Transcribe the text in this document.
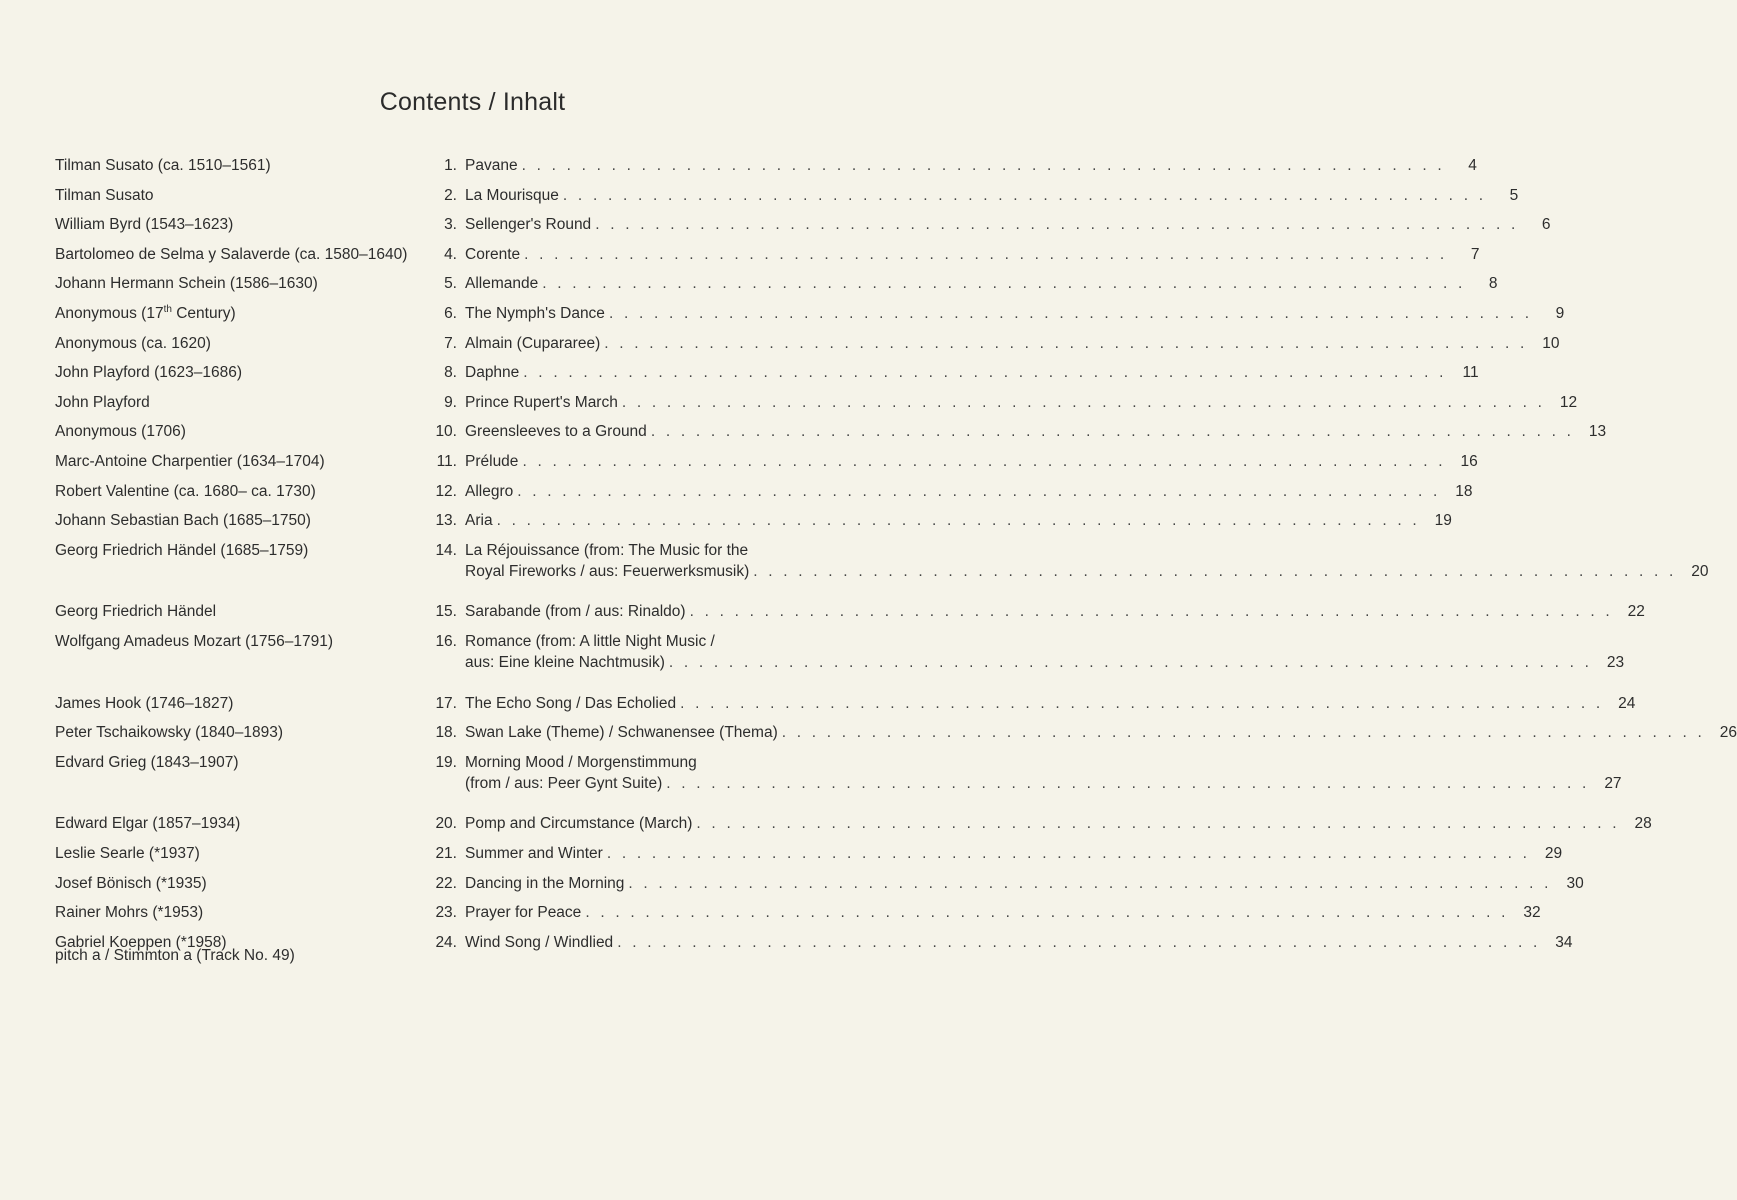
Contents / Inhalt
Tilman Susato (ca. 1510–1561)	1. Pavane . . . . . . . . . . . . . . . . . . . . . . . . . . . . . . . . . . . . . . . . . . . . . . . . . . . . . . . . . . . . . .	4
Tilman Susato	2. La Mourisque . . . . . . . . . . . . . . . . . . . . . . . . . . . . . . . . . . . . . . . . . . . . . . . . . . . . . . . . . . . . . .	5
William Byrd (1543–1623)	3. Sellenger's Round . . . . . . . . . . . . . . . . . . . . . . . . . . . . . . . . . . . . . . . . . . . . . . . . . . . . . . . . . . . . . .	6
Bartolomeo de Selma y Salaverde (ca. 1580–1640)	4. Corente . . . . . . . . . . . . . . . . . . . . . . . . . . . . . . . . . . . . . . . . . . . . . . . . . . . . . . . . . . . . . .	7
Johann Hermann Schein (1586–1630)	5. Allemande . . . . . . . . . . . . . . . . . . . . . . . . . . . . . . . . . . . . . . . . . . . . . . . . . . . . . . . . . . . . . .	8
Anonymous (17th Century)	6. The Nymph's Dance . . . . . . . . . . . . . . . . . . . . . . . . . . . . . . . . . . . . . . . . . . . . . . . . . . . . . . . . . . . . . .	9
Anonymous (ca. 1620)	7. Almain (Cupararee) . . . . . . . . . . . . . . . . . . . . . . . . . . . . . . . . . . . . . . . . . . . . . . . . . . . . . . . . . . . . . . 10
John Playford (1623–1686)	8. Daphne . . . . . . . . . . . . . . . . . . . . . . . . . . . . . . . . . . . . . . . . . . . . . . . . . . . . . . . . . . . . . .	11
John Playford	9. Prince Rupert's March . . . . . . . . . . . . . . . . . . . . . . . . . . . . . . . . . . . . . . . . . . . . . . . . . . . . . . . . . . . . . . 12
Anonymous (1706)	10. Greensleeves to a Ground . . . . . . . . . . . . . . . . . . . . . . . . . . . . . . . . . . . . . . . . . . . . . . . . . . . . . . . . . . . . . . 13
Marc-Antoine Charpentier (1634–1704)	11. Prélude . . . . . . . . . . . . . . . . . . . . . . . . . . . . . . . . . . . . . . . . . . . . . . . . . . . . . . . . . . . . . . 16
Robert Valentine (ca. 1680– ca. 1730)	12. Allegro . . . . . . . . . . . . . . . . . . . . . . . . . . . . . . . . . . . . . . . . . . . . . . . . . . . . . . . . . . . . . . 18
Johann Sebastian Bach (1685–1750)	13. Aria . . . . . . . . . . . . . . . . . . . . . . . . . . . . . . . . . . . . . . . . . . . . . . . . . . . . . . . . . . . . . . 19
Georg Friedrich Händel (1685–1759)	14. La Réjouissance (from: The Music for the
Royal Fireworks / aus: Feuerwerksmusik) . . . . . . . . . . . . . . . . . . . . . . . . . . . . . . . . . . . . . . . . . . . . . . . . . . . . . . . . . . . . . . 20
Georg Friedrich Händel	15. Sarabande (from / aus: Rinaldo) . . . . . . . . . . . . . . . . . . . . . . . . . . . . . . . . . . . . . . . . . . . . . . . . . . . . . . . . . . . . . . 22
Wolfgang Amadeus Mozart (1756–1791)	16. Romance (from: A little Night Music /
aus: Eine kleine Nachtmusik) . . . . . . . . . . . . . . . . . . . . . . . . . . . . . . . . . . . . . . . . . . . . . . . . . . . . . . . . . . . . . . 23
James Hook (1746–1827)	17. The Echo Song / Das Echolied . . . . . . . . . . . . . . . . . . . . . . . . . . . . . . . . . . . . . . . . . . . . . . . . . . . . . . . . . . . . . . 24
Peter Tschaikowsky (1840–1893)	18. Swan Lake (Theme) / Schwanensee (Thema) . . . . . . . . . . . . . . . . . . . . . . . . . . . . . . . . . . . . . . . . . . . . . . . . . . . . . . . . . . . . . . 26
Edvard Grieg (1843–1907)	19. Morning Mood / Morgenstimmung
(from / aus: Peer Gynt Suite) . . . . . . . . . . . . . . . . . . . . . . . . . . . . . . . . . . . . . . . . . . . . . . . . . . . . . . . . . . . . . . 27
Edward Elgar (1857–1934)	20. Pomp and Circumstance (March) . . . . . . . . . . . . . . . . . . . . . . . . . . . . . . . . . . . . . . . . . . . . . . . . . . . . . . . . . . . . . . 28
Leslie Searle (*1937)	21. Summer and Winter . . . . . . . . . . . . . . . . . . . . . . . . . . . . . . . . . . . . . . . . . . . . . . . . . . . . . . . . . . . . . . 29
Josef Bönisch (*1935)	22. Dancing in the Morning . . . . . . . . . . . . . . . . . . . . . . . . . . . . . . . . . . . . . . . . . . . . . . . . . . . . . . . . . . . . . . 30
Rainer Mohrs (*1953)	23. Prayer for Peace . . . . . . . . . . . . . . . . . . . . . . . . . . . . . . . . . . . . . . . . . . . . . . . . . . . . . . . . . . . . . . 32
Gabriel Koeppen (*1958)	24. Wind Song / Windlied . . . . . . . . . . . . . . . . . . . . . . . . . . . . . . . . . . . . . . . . . . . . . . . . . . . . . . . . . . . . . . 34
pitch a / Stimmton a (Track No. 49)
